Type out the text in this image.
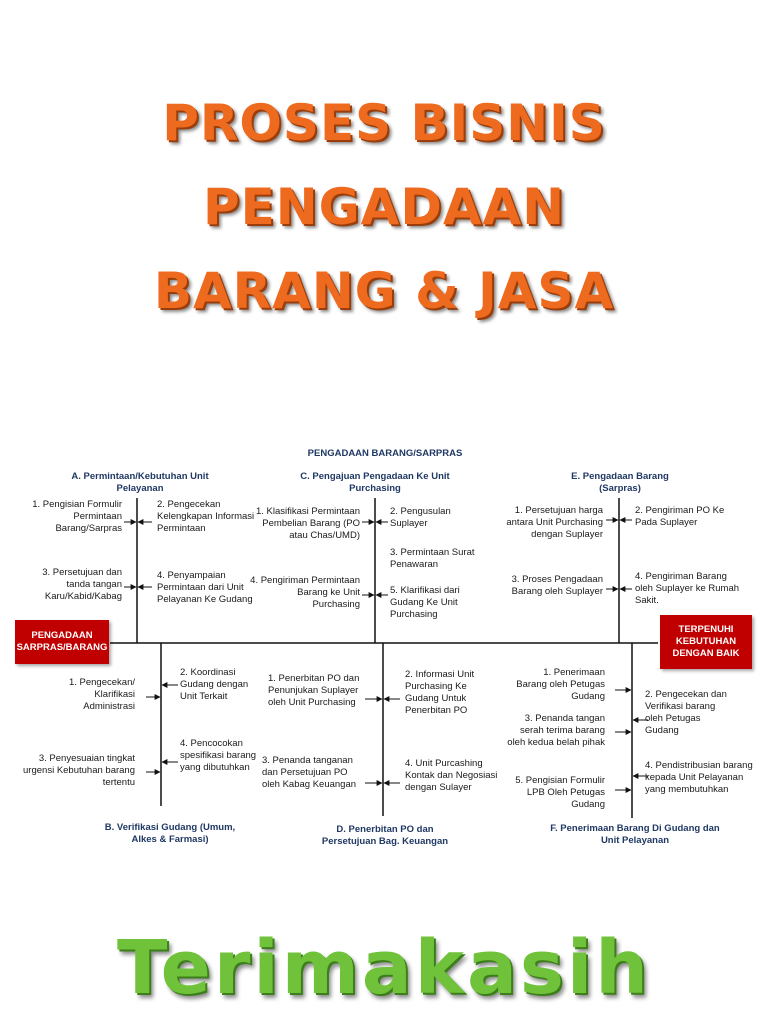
PROSES BISNIS
PENGADAAN
BARANG & JASA
PENGADAAN BARANG/SARPRAS
A. Permintaan/Kebutuhan Unit Pelayanan
1. Pengisian Formulir Permintaan Barang/Sarpras
2. Pengecekan Kelengkapan Informasi Permintaan
3. Persetujuan dan tanda tangan Karu/Kabid/Kabag
4. Penyampaian Permintaan dari Unit Pelayanan Ke Gudang
C. Pengajuan Pengadaan Ke Unit Purchasing
1. Klasifikasi Permintaan Pembelian Barang (PO atau Chas/UMD)
2. Pengusulan Suplayer
3. Permintaan Surat Penawaran
4. Pengiriman Permintaan Barang ke Unit Purchasing
5. Klarifikasi dari Gudang Ke Unit Purchasing
E. Pengadaan Barang (Sarpras)
1. Persetujuan harga antara Unit Purchasing dengan Suplayer
2. Pengiriman PO Ke Pada Suplayer
3. Proses Pengadaan Barang oleh Suplayer
4. Pengiriman Barang oleh Suplayer ke Rumah Sakit.
PENGADAAN SARPRAS/BARANG
TERPENUHI KEBUTUHAN DENGAN BAIK
1. Pengecekan/ Klarifikasi Administrasi
2. Koordinasi Gudang dengan Unit Terkait
3. Penyesuaian tingkat urgensi Kebutuhan barang tertentu
4. Pencocokan spesifikasi barang yang dibutuhkan
B. Verifikasi Gudang (Umum, Alkes & Farmasi)
1. Penerbitan PO dan Penunjukan Suplayer oleh Unit Purchasing
2. Informasi Unit Purchasing Ke Gudang Untuk Penerbitan PO
3. Penanda tanganan dan Persetujuan PO oleh Kabag Keuangan
4. Unit Purcashing Kontak dan Negosiasi dengan Sulayer
D. Penerbitan PO dan Persetujuan Bag. Keuangan
1. Penerimaan Barang oleh Petugas Gudang	2. Pengecekan dan Verifikasi barang oleh Petugas Gudang
3. Penanda tangan serah terima barang oleh kedua belah pihak
4. Pendistribusian barang kepada Unit Pelayanan yang membutuhkan
5. Pengisian Formulir LPB Oleh Petugas Gudang
F. Penerimaan Barang Di Gudang dan Unit Pelayanan
Terimakasih
